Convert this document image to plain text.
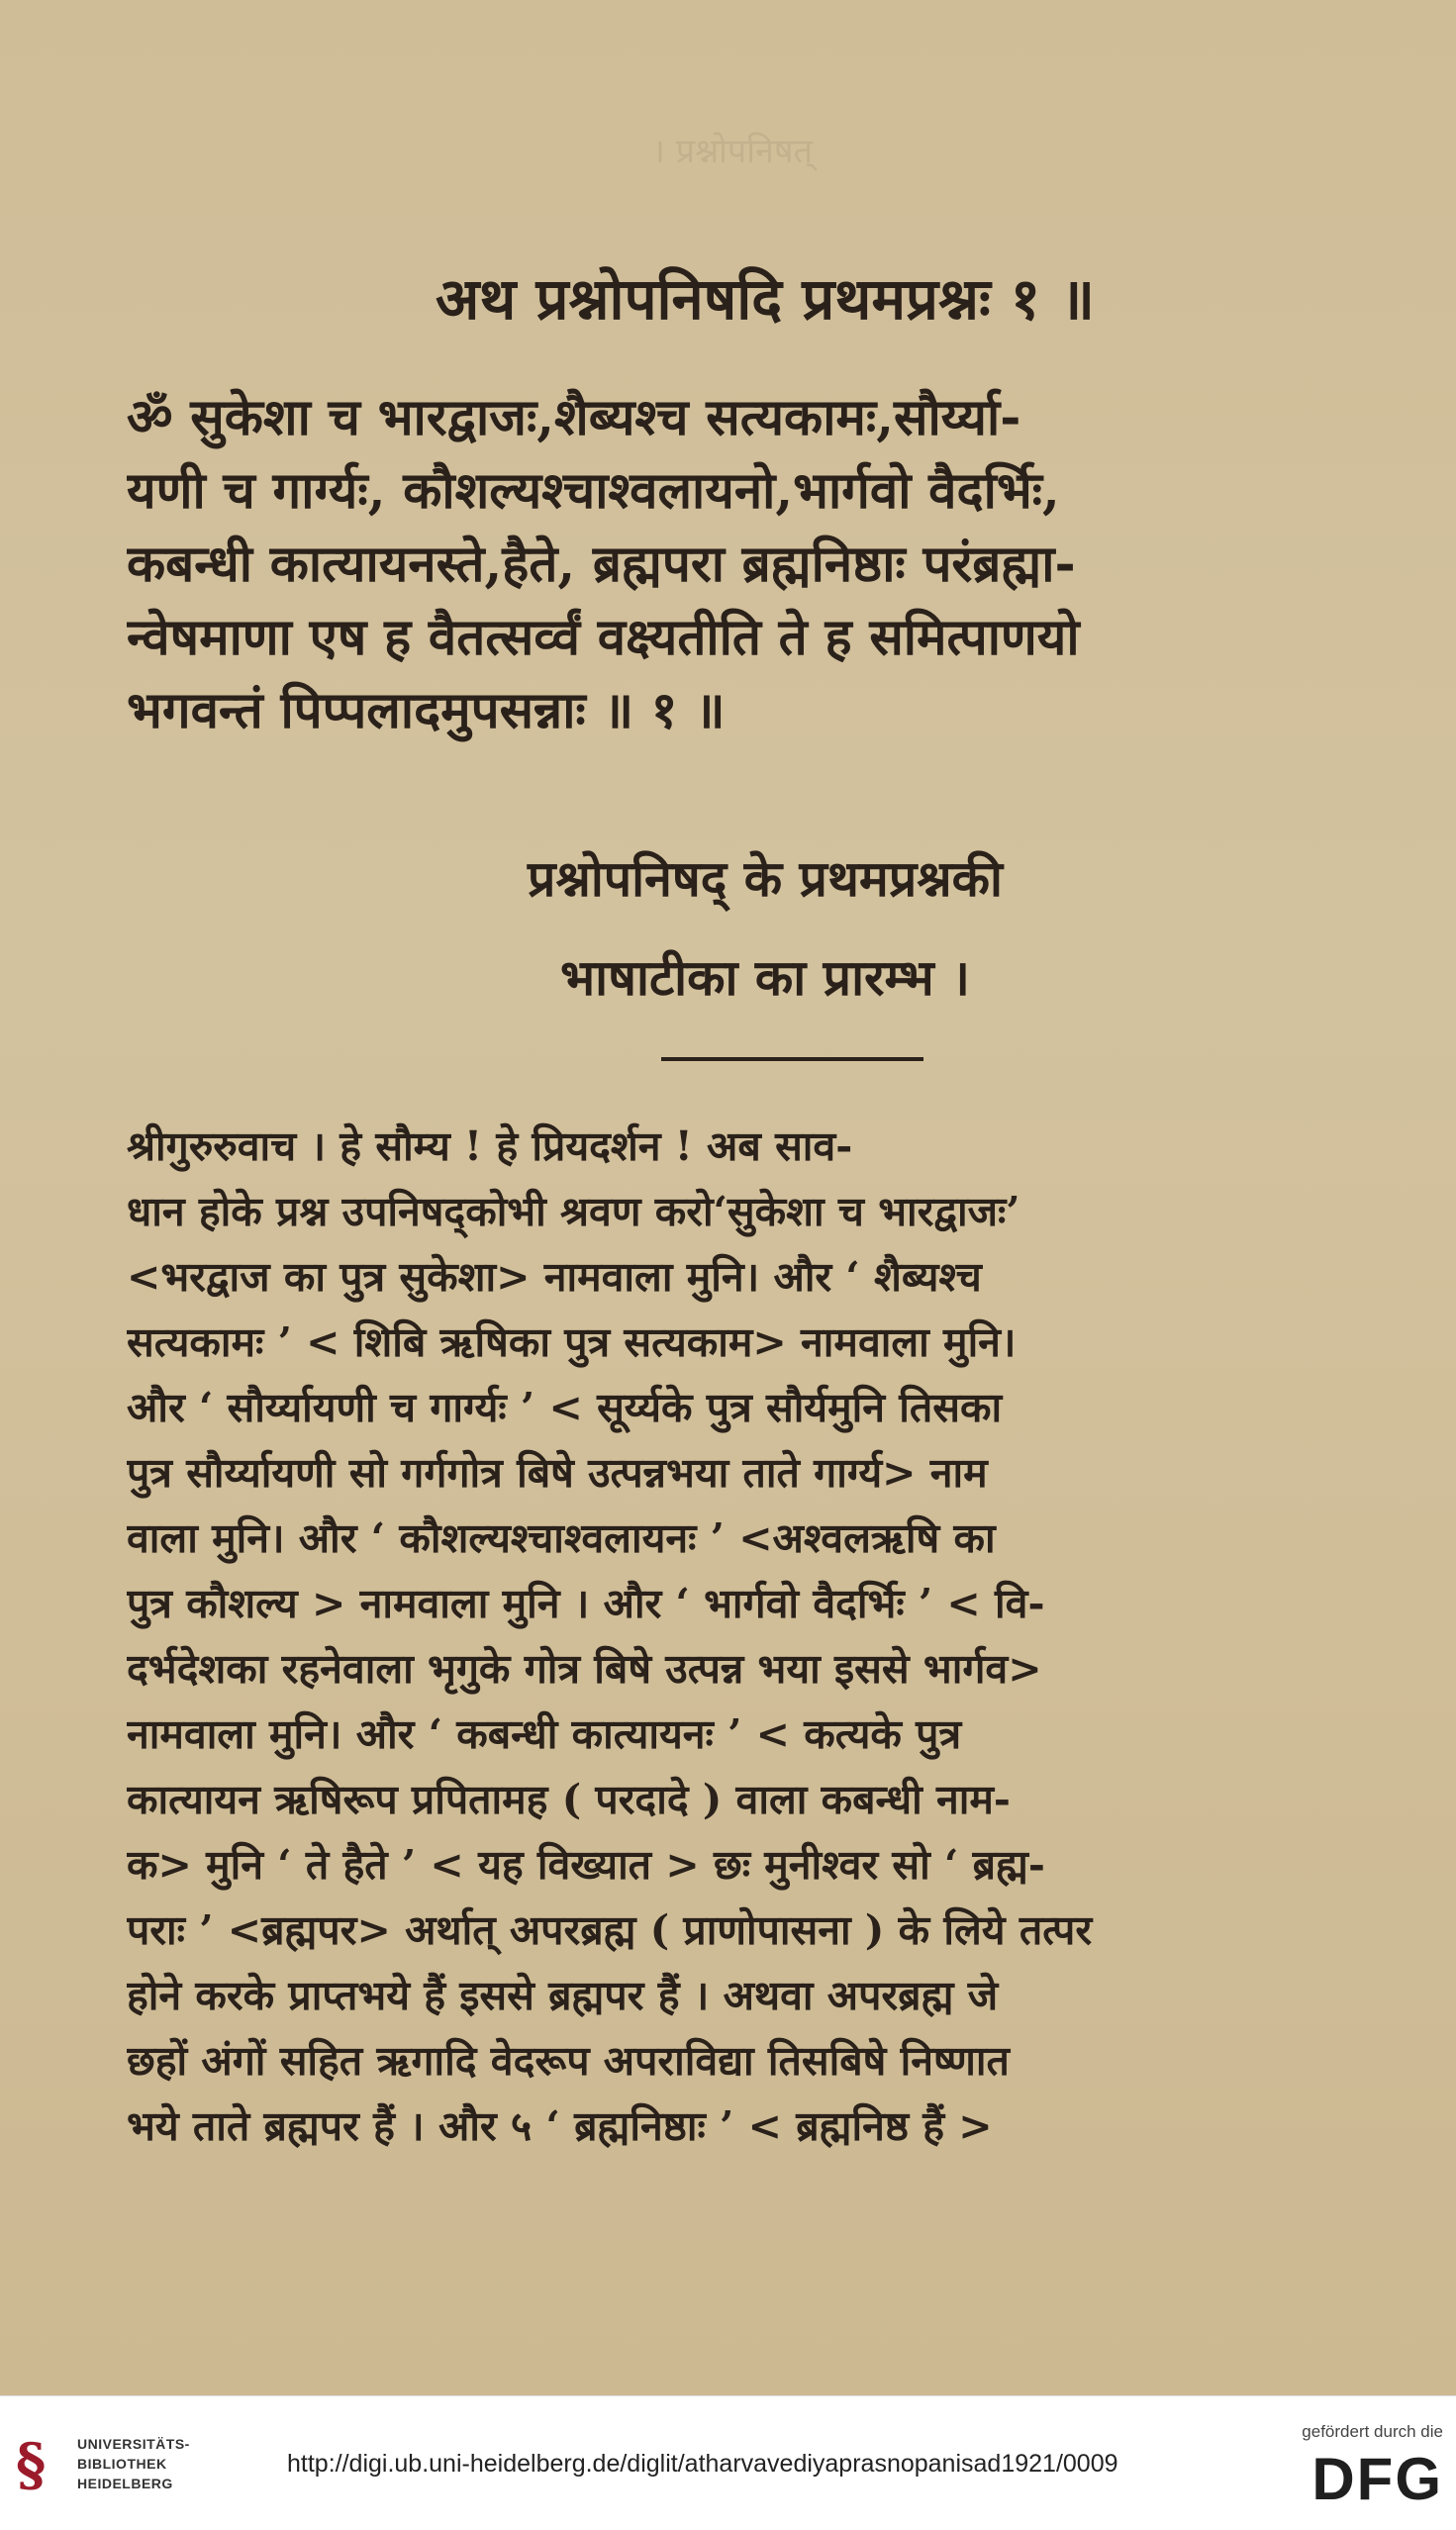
। प्रश्नोपनिषत्
अथ प्रश्नोपनिषदि प्रथमप्रश्नः १ ॥
ॐ सुकेशा च भारद्वाजः,शैब्यश्च सत्यकामः,सौर्य्या-
यणी च गार्ग्यः, कौशल्यश्चाश्वलायनो,भार्गवो वैदर्भिः,
कबन्धी कात्यायनस्ते,हैते, ब्रह्मपरा ब्रह्मनिष्ठाः परंब्रह्मा-
न्वेषमाणा एष ह वैतत्सर्व्वं वक्ष्यतीति ते ह समित्पाणयो
भगवन्तं पिप्पलादमुपसन्नाः ॥ १ ॥
प्रश्नोपनिषद् के प्रथमप्रश्नकी
भाषाटीका का प्रारम्भ ।
श्रीगुरुरुवाच । हे सौम्य ! हे प्रियदर्शन ! अब साव-
धान होके प्रश्न उपनिषद्कोभी श्रवण करो‘सुकेशा च भारद्वाजः’
<भरद्वाज का पुत्र सुकेशा> नामवाला मुनि। और ‘ शैब्यश्च
सत्यकामः ’ < शिबि ऋषिका पुत्र सत्यकाम> नामवाला मुनि।
और ‘ सौर्य्यायणी च गार्ग्यः ’ < सूर्य्यके पुत्र सौर्यमुनि तिसका
पुत्र सौर्य्यायणी सो गर्गगोत्र बिषे उत्पन्नभया ताते गार्ग्य> नाम
वाला मुनि। और ‘ कौशल्यश्चाश्वलायनः ’ <अश्वलऋषि का
पुत्र कौशल्य > नामवाला मुनि । और ‘ भार्गवो वैदर्भिः ’ < वि-
दर्भदेशका रहनेवाला भृगुके गोत्र बिषे उत्पन्न भया इससे भार्गव>
नामवाला मुनि। और ‘ कबन्धी कात्यायनः ’ < कत्यके पुत्र
कात्यायन ऋषिरूप प्रपितामह ( परदादे ) वाला कबन्धी नाम-
क> मुनि ‘ ते हैते ’ < यह विख्यात > छः मुनीश्वर सो ‘ ब्रह्म-
पराः ’ <ब्रह्मपर> अर्थात् अपरब्रह्म ( प्राणोपासना ) के लिये तत्पर
होने करके प्राप्तभये हैं इससे ब्रह्मपर हैं । अथवा अपरब्रह्म जे
छहों अंगों सहित ऋगादि वेदरूप अपराविद्या तिसबिषे निष्णात
भये ताते ब्रह्मपर हैं । और ५ ‘ ब्रह्मनिष्ठाः ’ < ब्रह्मनिष्ठ हैं >
§	UNIVERSITÄTS-
BIBLIOTHEK
HEIDELBERG
http://digi.ub.uni-heidelberg.de/diglit/atharvavediyaprasnopanisad1921/0009
gefördert durch die
DFG
